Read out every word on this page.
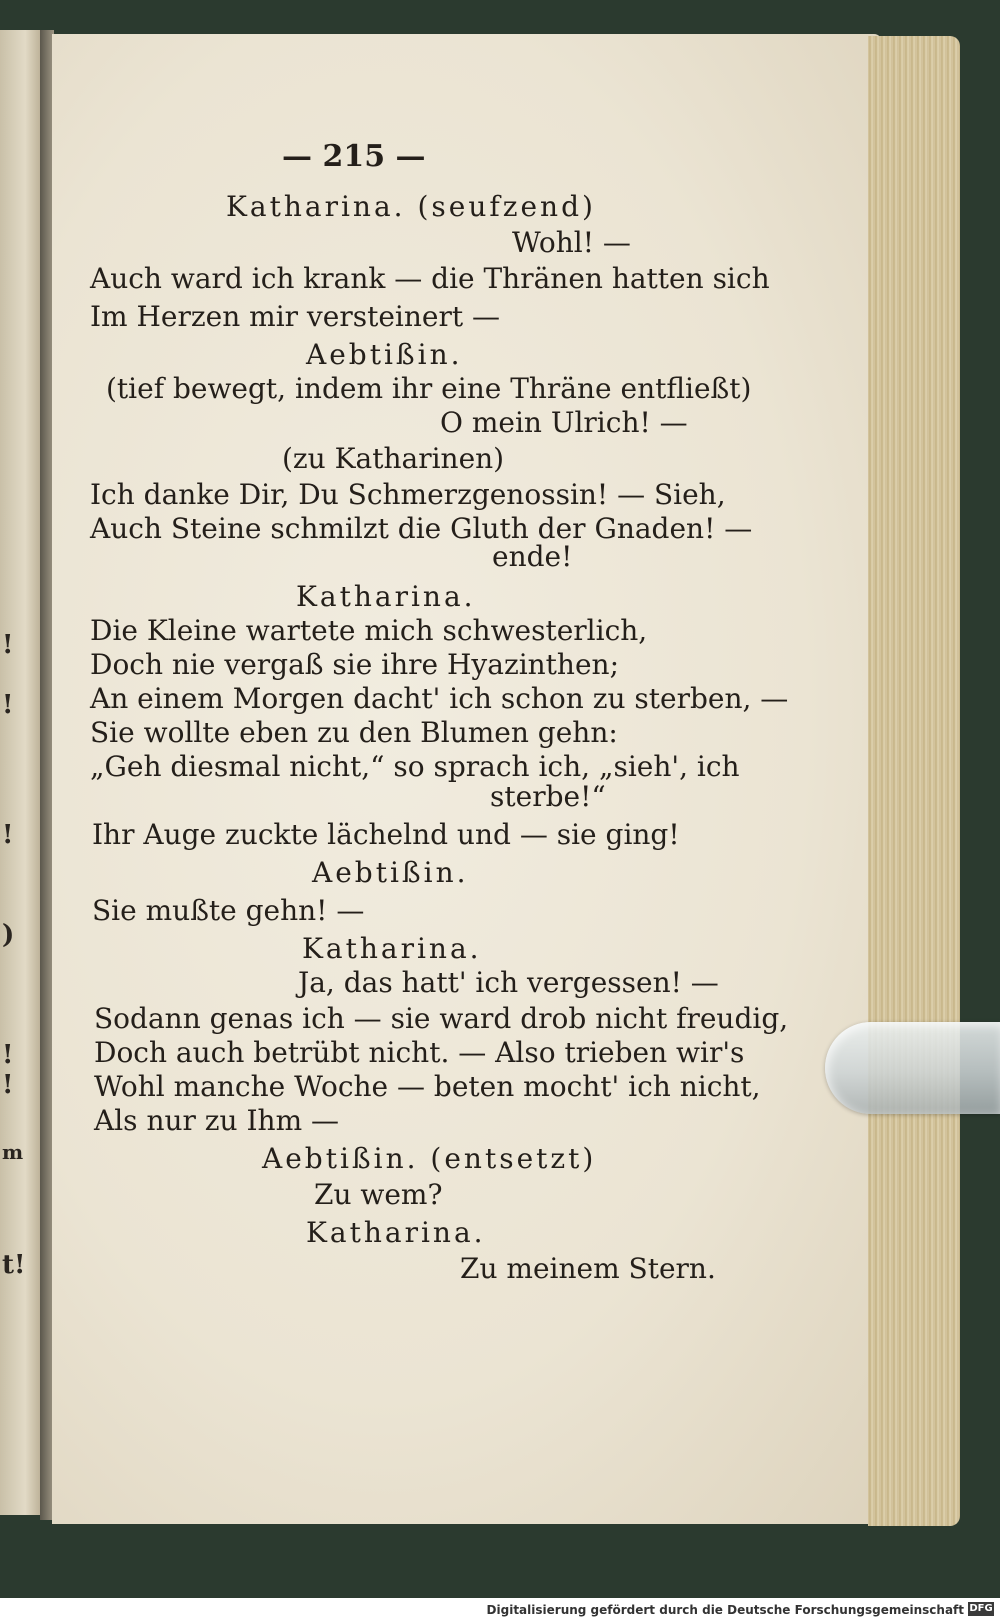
!
!
!
)
!
!
m
t!
— 215 —
Katharina. (seufzend)
Wohl! —
Auch ward ich krank — die Thränen hatten sich
Im Herzen mir versteinert —
Aebtißin.
(tief bewegt, indem ihr eine Thräne entfließt)
O mein Ulrich! —
(zu Katharinen)
Ich danke Dir, Du Schmerzgenossin! — Sieh,
Auch Steine schmilzt die Gluth der Gnaden! —
ende!
Katharina.
Die Kleine wartete mich schwesterlich,
Doch nie vergaß sie ihre Hyazinthen;
An einem Morgen dacht' ich schon zu sterben, —
Sie wollte eben zu den Blumen gehn:
„Geh diesmal nicht,“ so sprach ich, „sieh', ich
sterbe!“
Ihr Auge zuckte lächelnd und — sie ging!
Aebtißin.
Sie mußte gehn! —
Katharina.
Ja, das hatt' ich vergessen! —
Sodann genas ich — sie ward drob nicht freudig,
Doch auch betrübt nicht. — Also trieben wir's
Wohl manche Woche — beten mocht' ich nicht,
Als nur zu Ihm —
Aebtißin. (entsetzt)
Zu wem?
Katharina.
Zu meinem Stern.
Digitalisierung gefördert durch die Deutsche Forschungsgemeinschaft DFG
